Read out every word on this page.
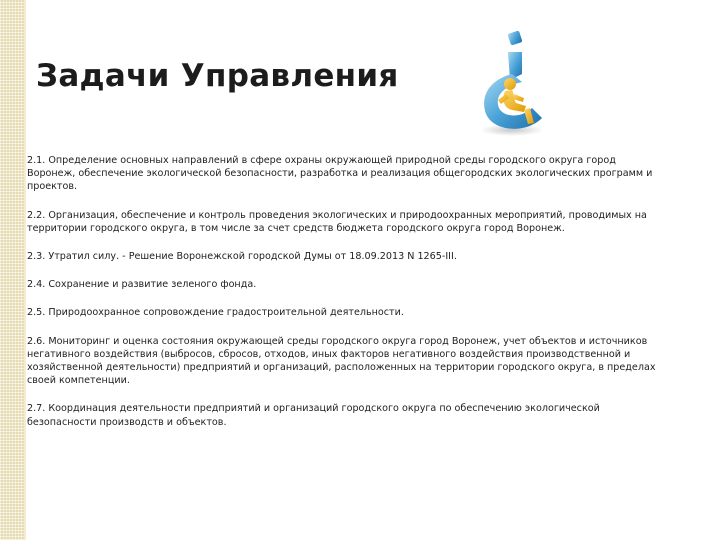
Задачи Управления

2.1. Определение основных направлений в сфере охраны окружающей природной среды городского округа город Воронеж, обеспечение экологической безопасности, разработка и реализация общегородских экологических программ и проектов.

2.2. Организация, обеспечение и контроль проведения экологических и природоохранных мероприятий, проводимых на территории городского округа, в том числе за счет средств бюджета городского округа город Воронеж.

2.3. Утратил силу. - Решение Воронежской городской Думы от 18.09.2013 N 1265-III.

2.4. Сохранение и развитие зеленого фонда.

2.5. Природоохранное сопровождение градостроительной деятельности.

2.6. Мониторинг и оценка состояния окружающей среды городского округа город Воронеж, учет объектов и источников негативного воздействия (выбросов, сбросов, отходов, иных факторов негативного воздействия производственной и хозяйственной деятельности) предприятий и организаций, расположенных на территории городского округа, в пределах своей компетенции.

2.7. Координация деятельности предприятий и организаций городского округа по обеспечению экологической безопасности производств и объектов.
